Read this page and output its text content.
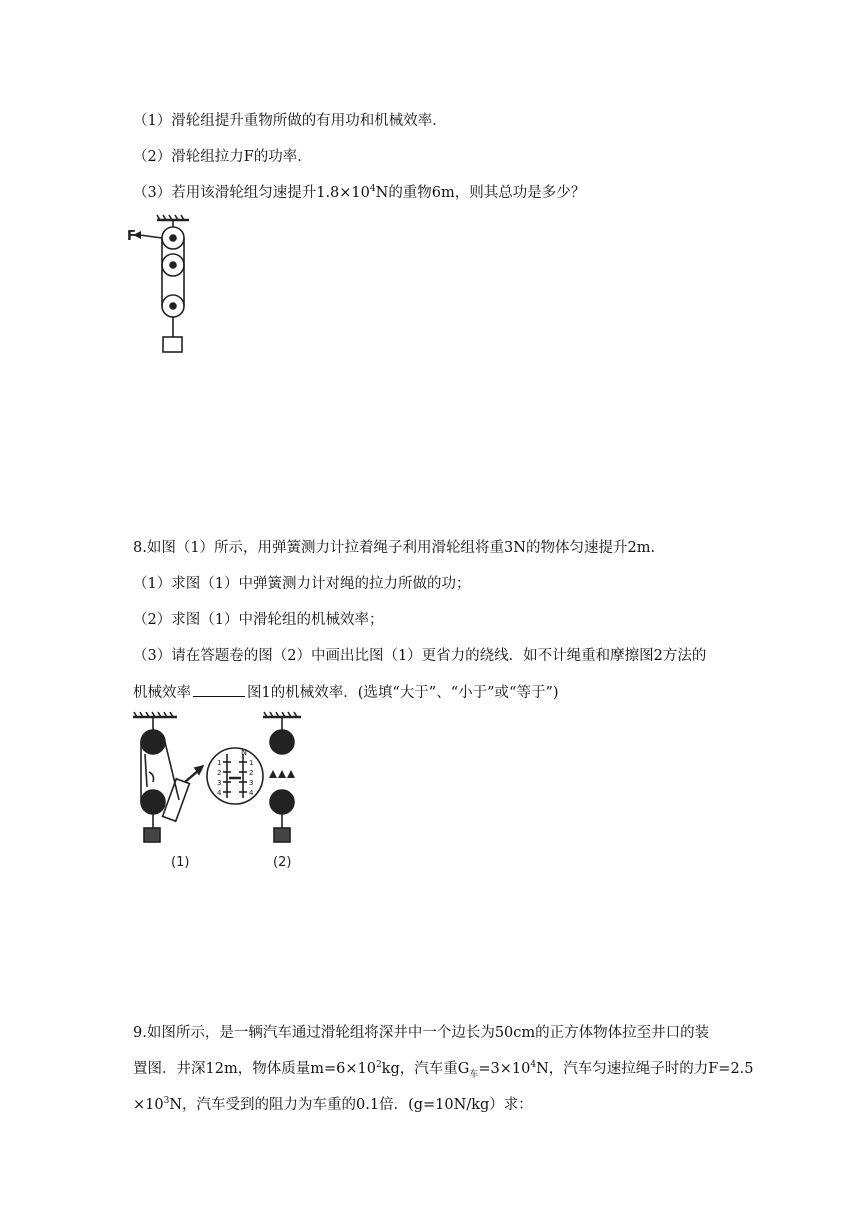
（1）滑轮组提升重物所做的有用功和机械效率．
（2）滑轮组拉力F的功率．
（3）若用该滑轮组匀速提升$1.8\times 10^4N$的重物6m，则其总功是多少？
F
8.如图（1）所示，用弹簧测力计拉着绳子利用滑轮组将重3N的物体匀速提升2m.
（1）求图（1）中弹簧测力计对绳的拉力所做的功；
（2）求图（1）中滑轮组的机械效率；
（3）请在答题卷的图（2）中画出比图（1）更省力的绕线．如不计绳重和摩擦图2方法的
机械效率	图1的机械效率．(选填“大于”、“小于”或“等于”)
N
1
2
3
4
1
2
3
4
(1)	(2)
9.如图所示，是一辆汽车通过滑轮组将深井中一个边长为50cm的正方体物体拉至井口的装
置图．井深12m，物体质量$m=6\times 10^2kg$，汽车重$G_车=3\times 10^4N$，汽车匀速拉绳子时的力F=2.5
$\times 10^3N$，汽车受到的阻力为车重的0.1倍．(g=10N/kg）求：
